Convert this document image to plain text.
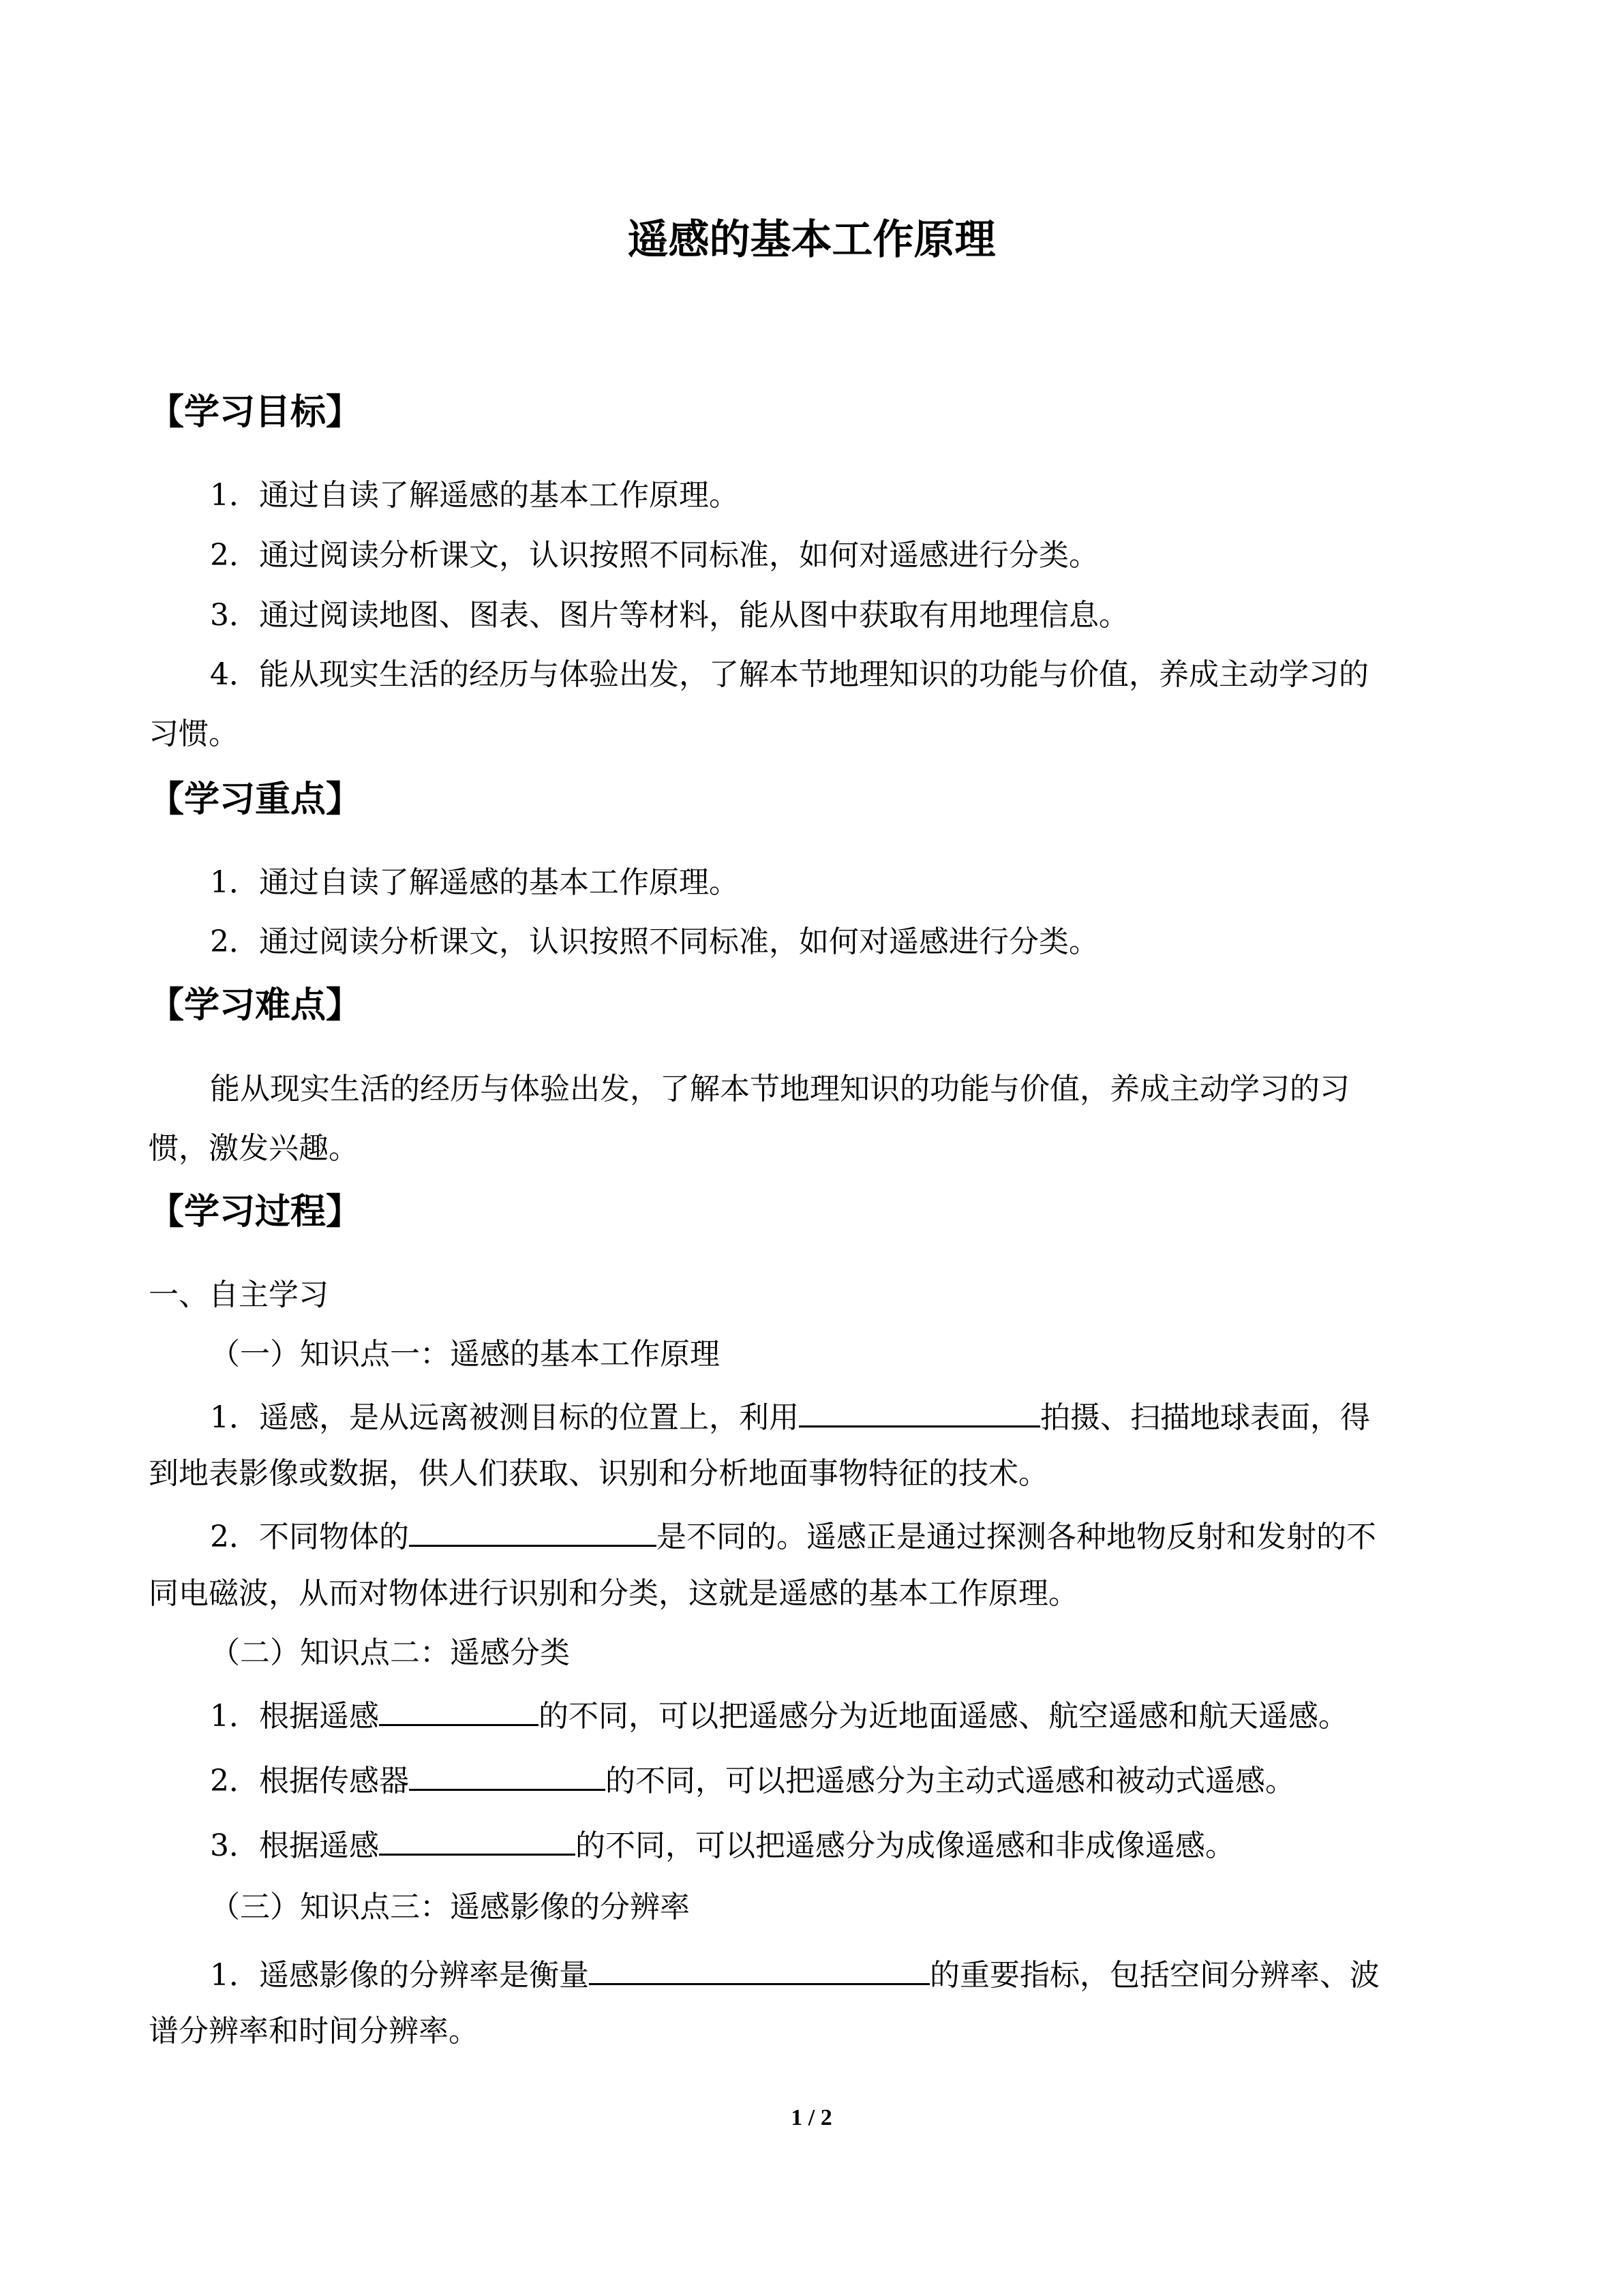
遥感的基本工作原理
【学习目标】
1．通过自读了解遥感的基本工作原理。
2．通过阅读分析课文，认识按照不同标准，如何对遥感进行分类。
3．通过阅读地图、图表、图片等材料，能从图中获取有用地理信息。
4．能从现实生活的经历与体验出发，了解本节地理知识的功能与价值，养成主动学习的
习惯。
【学习重点】
1．通过自读了解遥感的基本工作原理。
2．通过阅读分析课文，认识按照不同标准，如何对遥感进行分类。
【学习难点】
能从现实生活的经历与体验出发，了解本节地理知识的功能与价值，养成主动学习的习
惯，激发兴趣。
【学习过程】
一、自主学习
（一）知识点一：遥感的基本工作原理
1．遥感，是从远离被测目标的位置上，利用	拍摄、扫描地球表面，得
到地表影像或数据，供人们获取、识别和分析地面事物特征的技术。
2．不同物体的	是不同的。遥感正是通过探测各种地物反射和发射的不
同电磁波，从而对物体进行识别和分类，这就是遥感的基本工作原理。
（二）知识点二：遥感分类
1．根据遥感	的不同，可以把遥感分为近地面遥感、航空遥感和航天遥感。
2．根据传感器	的不同，可以把遥感分为主动式遥感和被动式遥感。
3．根据遥感	的不同，可以把遥感分为成像遥感和非成像遥感。
（三）知识点三：遥感影像的分辨率
1．遥感影像的分辨率是衡量	的重要指标，包括空间分辨率、波
谱分辨率和时间分辨率。
1 / 2
